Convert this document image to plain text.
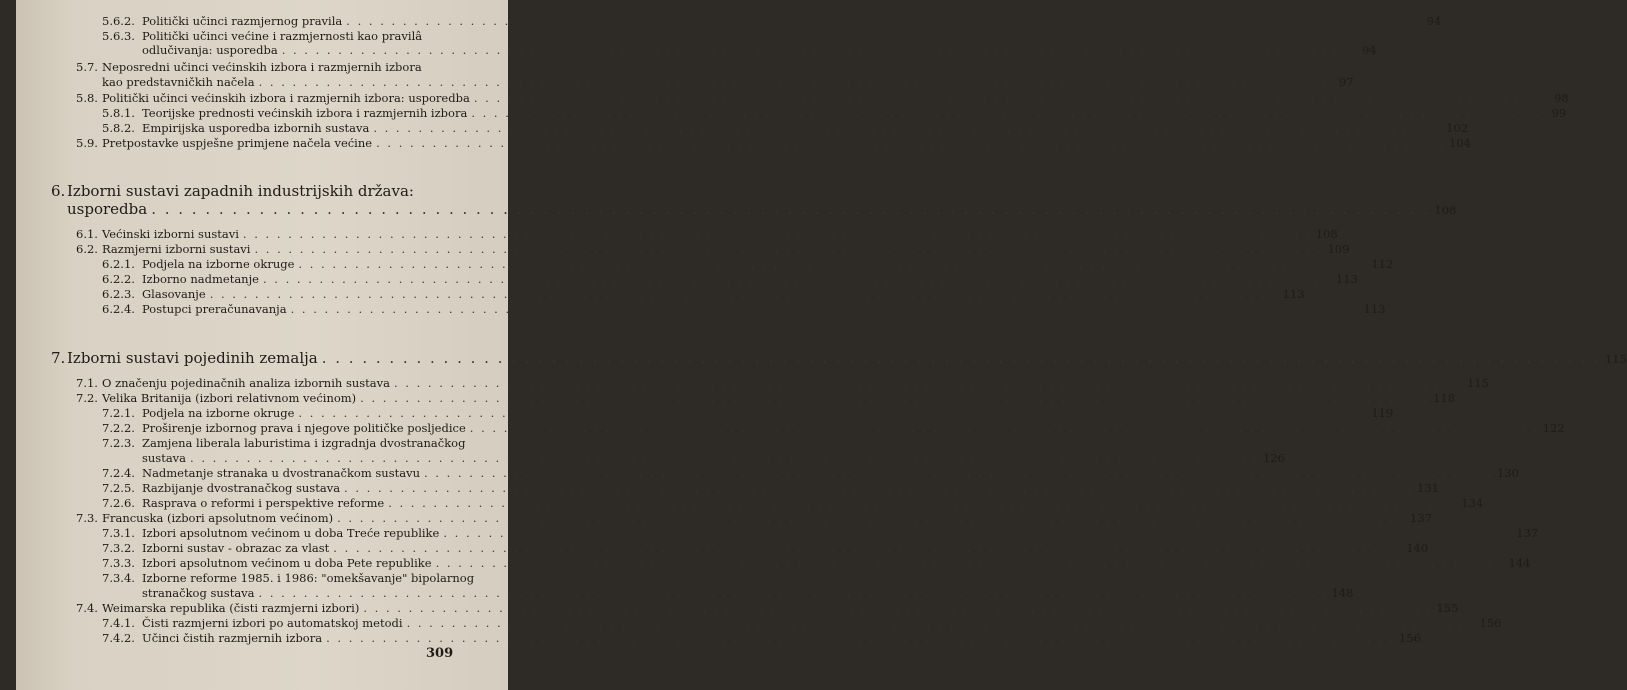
5.6.2. Politički učinci razmjernog pravila . . .	94
5.6.3. Politički učinci većine i razmjernosti kao pravilâ
odlučivanja: usporedba . . .	94
5.7. Neposredni učinci većinskih izbora i razmjernih izbora
kao predstavničkih načela . . .	97
5.8. Politički učinci većinskih izbora i razmjernih izbora: usporedba . . .	98
5.8.1. Teorijske prednosti većinskih izbora i razmjernih izbora . . .	99
5.8.2. Empirijska usporedba izbornih sustava . . .	102
5.9. Pretpostavke uspješne primjene načela većine . . .	104
6. Izborni sustavi zapadnih industrijskih država:
usporedba . . .	108
6.1. Većinski izborni sustavi . . .	108
6.2. Razmjerni izborni sustavi . . .	109
6.2.1. Podjela na izborne okruge . . .	112
6.2.2. Izborno nadmetanje . . .	113
6.2.3. Glasovanje . . .	113
6.2.4. Postupci preračunavanja . . .	113
7. Izborni sustavi pojedinih zemalja . . .	115
7.1. O značenju pojedinačnih analiza izbornih sustava . . .	115
7.2. Velika Britanija (izbori relativnom većinom) . . .	118
7.2.1. Podjela na izborne okruge . . .	119
7.2.2. Proširenje izbornog prava i njegove političke posljedice . . .	122
7.2.3. Zamjena liberala laburistima i izgradnja dvostranačkog
sustava . . .	126
7.2.4. Nadmetanje stranaka u dvostranačkom sustavu . . .	130
7.2.5. Razbijanje dvostranačkog sustava . . .	131
7.2.6. Rasprava o reformi i perspektive reforme . . .	134
7.3. Francuska (izbori apsolutnom većinom) . . .	137
7.3.1. Izbori apsolutnom većinom u doba Treće republike . . .	137
7.3.2. Izborni sustav - obrazac za vlast . . .	140
7.3.3. Izbori apsolutnom većinom u doba Pete republike . . .	144
7.3.4. Izborne reforme 1985. i 1986: "omekšavanje" bipolarnog
stranačkog sustava . . .	148
7.4. Weimarska republika (čisti razmjerni izbori) . . .	155
7.4.1. Čisti razmjerni izbori po automatskoj metodi . . .	156
7.4.2. Učinci čistih razmjernih izbora . . .	156
309
